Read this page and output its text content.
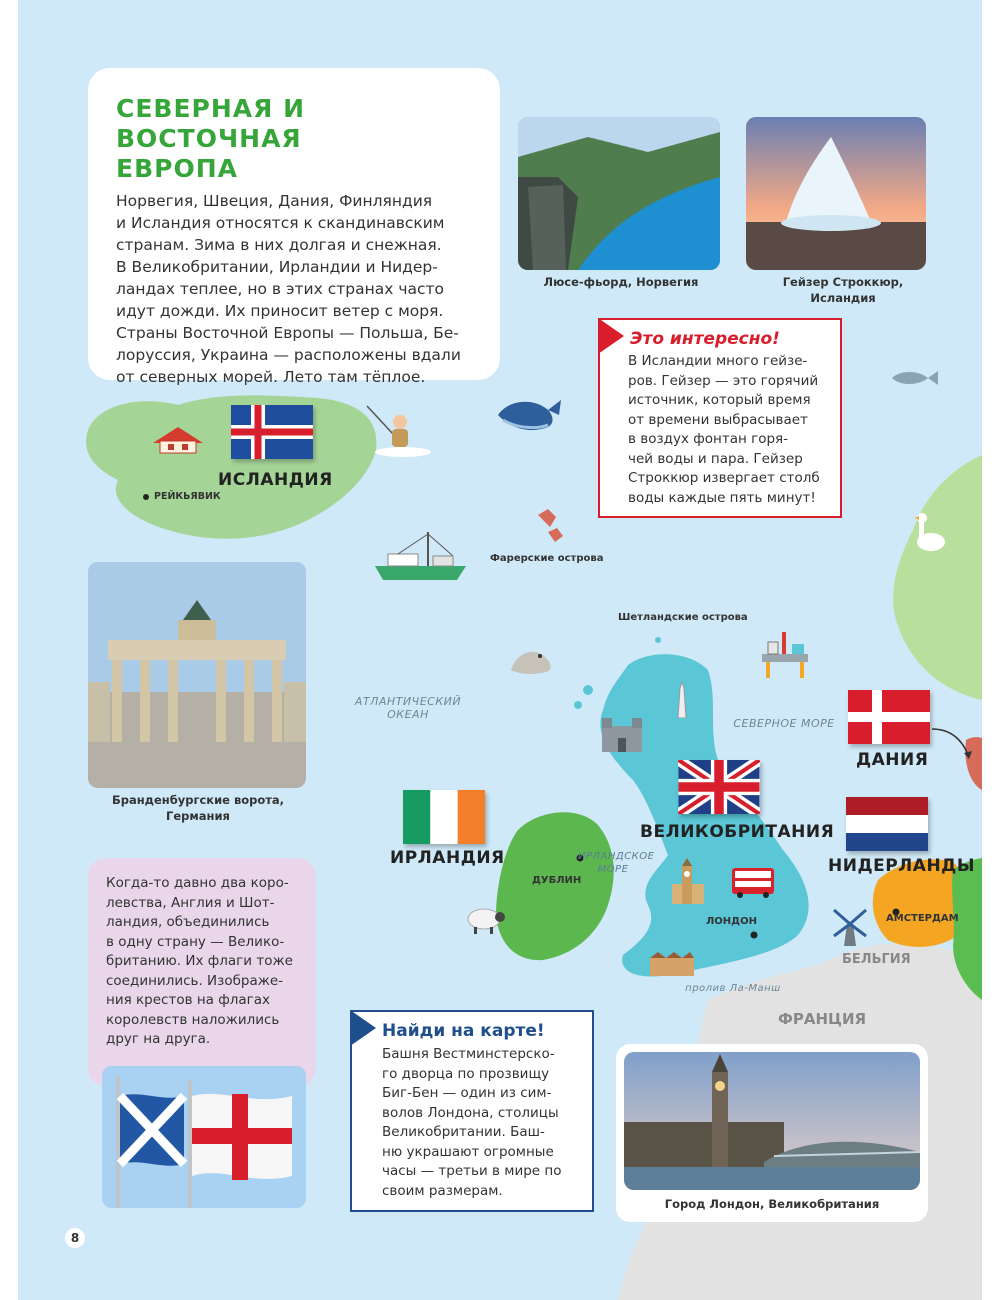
СЕВЕРНАЯ И ВОСТОЧНАЯ
ЕВРОПА

Норвегия, Швеция, Дания, Финляндия

и Исландия относятся к скандинавским

странам. Зима в них долгая и снежная.

В Великобритании, Ирландии и Нидер-

ландах теплее, но в этих странах часто

идут дожди. Их приносит ветер с моря.

Страны Восточной Европы — Польша, Бе-

лоруссия, Украина — расположены вдали

от северных морей. Лето там тёплое.

Люсе-фьорд, Норвегия	Гейзер Строккюр,
Исландия
Это интересно!

В Исландии много гейзе-

ров. Гейзер — это горячий

источник, который время

от времени выбрасывает

в воздух фонтан горя-

чей воды и пара. Гейзер

Строккюр извергает столб

воды каждые пять минут!

ИСЛАНДИЯ
РЕЙКЬЯВИК
Фарерские острова
Шетландские острова
Бранденбургские ворота,
Германия
АТЛАНТИЧЕСКИЙ
ОКЕАН
СЕВЕРНОЕ МОРЕ
ИРЛАНДСКОЕ
МОРЕ
ВЕЛИКОБРИТАНИЯ
ИРЛАНДИЯ
ДУБЛИН
ЛОНДОН
пролив Ла-Манш
ДАНИЯ
НИДЕРЛАНДЫ
АМСТЕРДАМ
БЕЛЬГИЯ
ФРАНЦИЯ

Когда-то давно два коро-

левства, Англия и Шот-

ландия, объединились

в одну страну — Велико-

британию. Их флаги тоже

соединились. Изображе-

ния крестов на флагах

королевств наложились

друг на друга.	Найди на карте!

Башня Вестминстерско-

го дворца по прозвищу

Биг-Бен — один из сим-

волов Лондона, столицы

Великобритании. Баш-

ню украшают огромные

часы — третьи в мире по

своим размерам.

Город Лондон, Великобритания
8
